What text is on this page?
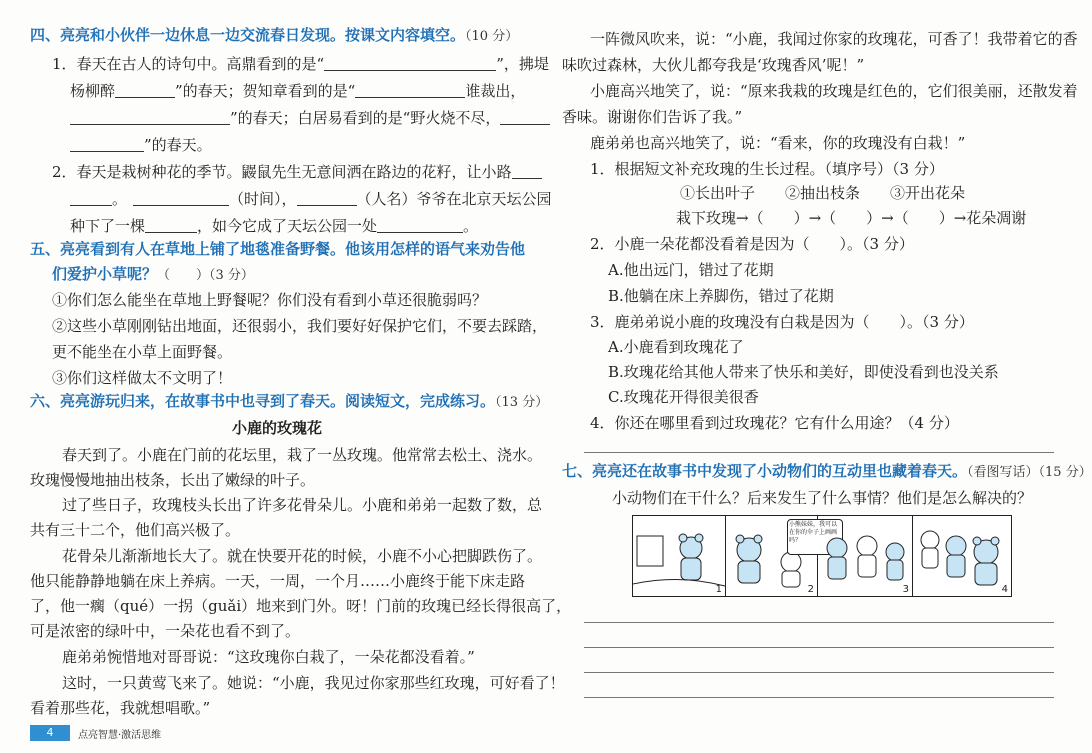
四、亮亮和小伙伴一边休息一边交流春日发现。按课文内容填空。（10 分）
1．春天在古人的诗句中。高鼎看到的是“	”，拂堤
杨柳醉	”的春天；贺知章看到的是“	谁裁出，
”的春天；白居易看到的是“野火烧不尽，
”的春天。
2．春天是栽树种花的季节。鼹鼠先生无意间洒在路边的花籽，让小路
。	（时间），	（人名）爷爷在北京天坛公园
种下了一棵	，如今它成了天坛公园一处	。
五、亮亮看到有人在草地上铺了地毯准备野餐。他该用怎样的语气来劝告他
们爱护小草呢？（　　）（3 分）
①你们怎么能坐在草地上野餐呢？你们没有看到小草还很脆弱吗？
②这些小草刚刚钻出地面，还很弱小，我们要好好保护它们，不要去踩踏，
更不能坐在小草上面野餐。
③你们这样做太不文明了！
六、亮亮游玩归来，在故事书中也寻到了春天。阅读短文，完成练习。（13 分）
小鹿的玫瑰花
春天到了。小鹿在门前的花坛里，栽了一丛玫瑰。他常常去松土、浇水。
玫瑰慢慢地抽出枝条，长出了嫩绿的叶子。
过了些日子，玫瑰枝头长出了许多花骨朵儿。小鹿和弟弟一起数了数，总
共有三十二个，他们高兴极了。
花骨朵儿渐渐地长大了。就在快要开花的时候，小鹿不小心把脚跌伤了。
他只能静静地躺在床上养病。一天，一周，一个月……小鹿终于能下床走路
了，他一瘸（qué）一拐（guǎi）地来到门外。呀！门前的玫瑰已经长得很高了，
可是浓密的绿叶中，一朵花也看不到了。
鹿弟弟惋惜地对哥哥说：“这玫瑰你白栽了，一朵花都没看着。”
这时，一只黄莺飞来了。她说：“小鹿，我见过你家那些红玫瑰，可好看了！
看着那些花，我就想唱歌。”
一阵微风吹来，说：“小鹿，我闻过你家的玫瑰花，可香了！我带着它的香
味吹过森林，大伙儿都夸我是‘玫瑰香风’呢！”
小鹿高兴地笑了，说：“原来我栽的玫瑰是红色的，它们很美丽，还散发着
香味。谢谢你们告诉了我。”
鹿弟弟也高兴地笑了，说：“看来，你的玫瑰没有白栽！”
1．根据短文补充玫瑰的生长过程。（填序号）（3 分）
①长出叶子　　②抽出枝条　　③开出花朵
栽下玫瑰→（　　）→（　　）→（　　）→花朵凋谢
2．小鹿一朵花都没看着是因为（　　）。（3 分）
A.他出远门，错过了花期
B.他躺在床上养脚伤，错过了花期
3．鹿弟弟说小鹿的玫瑰没有白栽是因为（　　）。（3 分）
A.小鹿看到玫瑰花了
B.玫瑰花给其他人带来了快乐和美好，即使没看到也没关系
C.玫瑰花开得很美很香
4．你还在哪里看到过玫瑰花？它有什么用途？（4 分）
七、亮亮还在故事书中发现了小动物们的互动里也藏着春天。（看图写话）（15 分）
小动物们在干什么？后来发生了什么事情？他们是怎么解决的？
1
小熊妹妹，我可以在你的伞子上画画吗？
2	3	4
4	点亮智慧·激活思维
